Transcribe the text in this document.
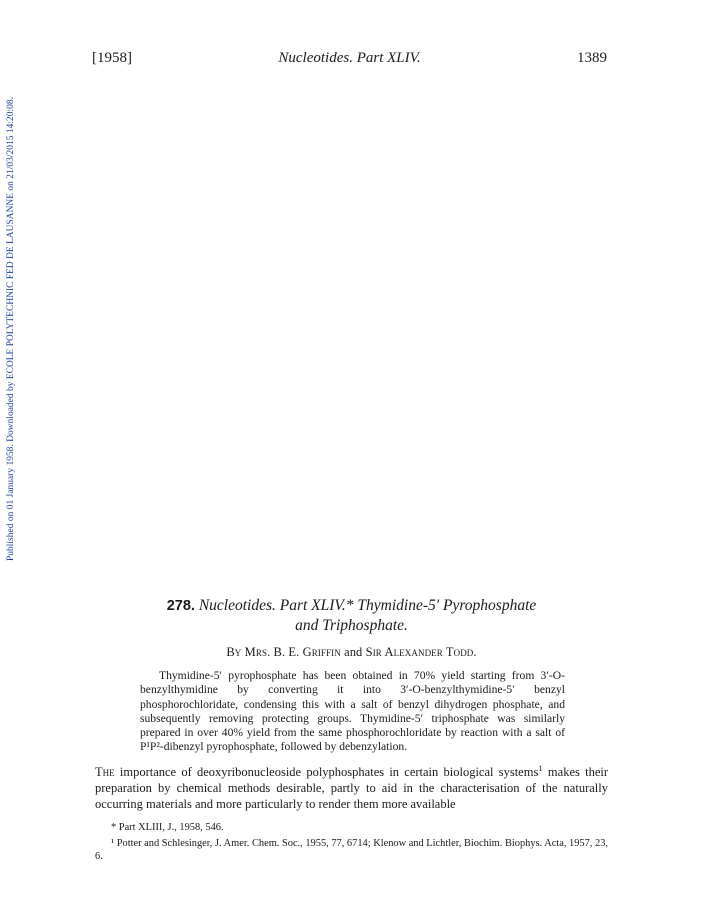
Published on 01 January 1958. Downloaded by ECOLE POLYTECHNIC FED DE LAUSANNE on 21/03/2015 14:20:08.
[1958]	Nucleotides. Part XLIV.	1389
278. Nucleotides. Part XLIV.* Thymidine-5′ Pyrophosphate
and Triphosphate.
By Mrs. B. E. Griffin and Sir Alexander Todd.

Thymidine-5′ pyrophosphate has been obtained in 70% yield starting from 3′-O-benzylthymidine by converting it into 3′-O-benzylthymidine-5′ benzyl phosphorochloridate, condensing this with a salt of benzyl dihydrogen phosphate, and subsequently removing protecting groups. Thymidine-5′ triphosphate was similarly prepared in over 40% yield from the same phosphorochloridate by reaction with a salt of P¹P²-dibenzyl pyrophosphate, followed by debenzylation.

The importance of deoxyribonucleoside polyphosphates in certain biological systems$^1$ makes their preparation by chemical methods desirable, partly to aid in the characterisation of the naturally occurring materials and more particularly to render them more available

* Part XLIII, J., 1958, 546.

¹ Potter and Schlesinger, J. Amer. Chem. Soc., 1955, 77, 6714; Klenow and Lichtler, Biochim. Biophys. Acta, 1957, 23, 6.
